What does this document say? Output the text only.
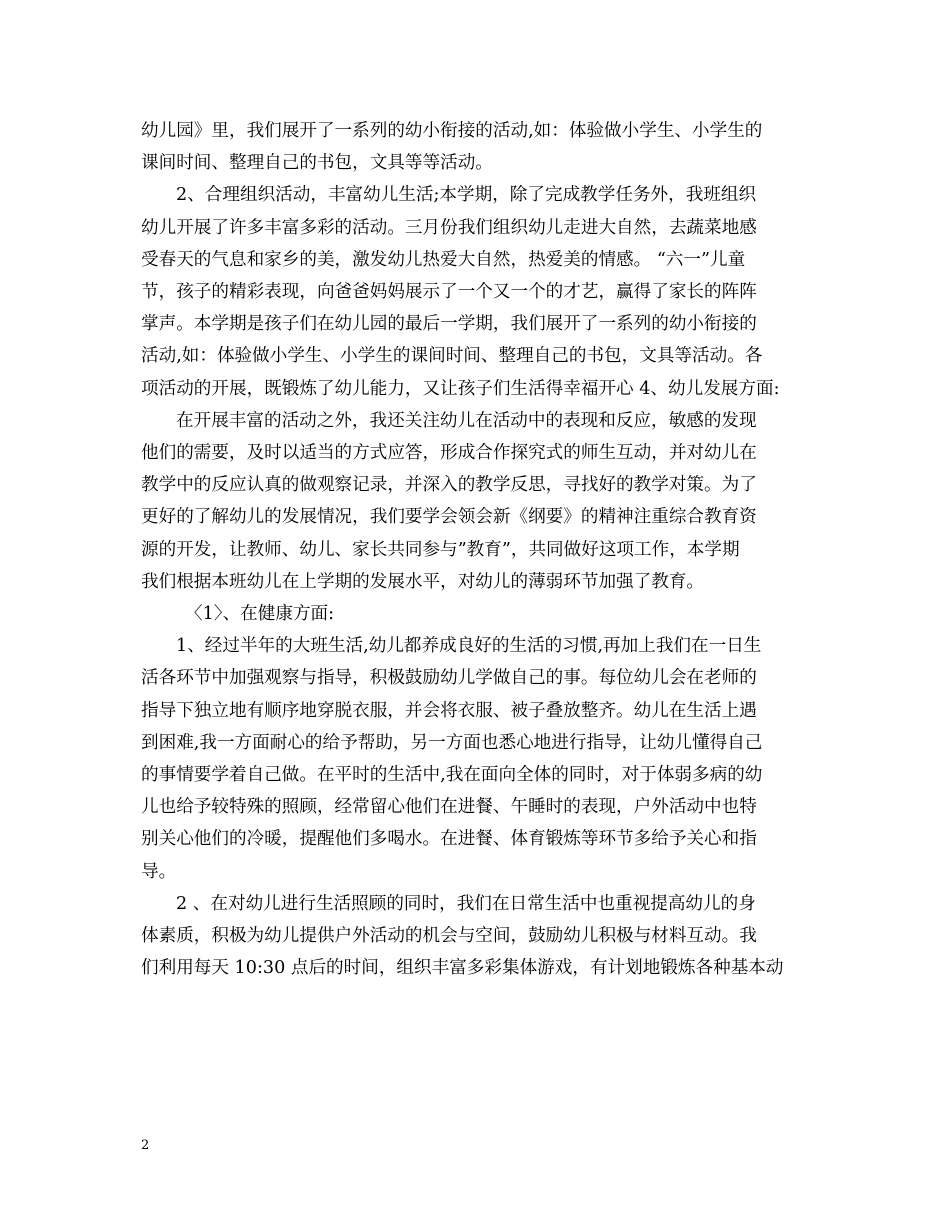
幼儿园》里，我们展开了一系列的幼小衔接的活动,如：体验做小学生、小学生的
课间时间、整理自己的书包，文具等等活动。

2、合理组织活动，丰富幼儿生活;本学期，除了完成教学任务外，我班组织
幼儿开展了许多丰富多彩的活动。三月份我们组织幼儿走进大自然，去蔬菜地感
受春天的气息和家乡的美，激发幼儿热爱大自然，热爱美的情感。 “六一”儿童
节，孩子的精彩表现，向爸爸妈妈展示了一个又一个的才艺，赢得了家长的阵阵
掌声。本学期是孩子们在幼儿园的最后一学期，我们展开了一系列的幼小衔接的
活动,如：体验做小学生、小学生的课间时间、整理自己的书包，文具等活动。各
项活动的开展，既锻炼了幼儿能力，又让孩子们生活得幸福开心 4、幼儿发展方面:

在开展丰富的活动之外，我还关注幼儿在活动中的表现和反应，敏感的发现
他们的需要，及时以适当的方式应答，形成合作探究式的师生互动，并对幼儿在
教学中的反应认真的做观察记录，并深入的教学反思，寻找好的教学对策。为了
更好的了解幼儿的发展情况，我们要学会领会新《纲要》的精神注重综合教育资
源的开发，让教师、幼儿、家长共同参与”教育”，共同做好这项工作，本学期
我们根据本班幼儿在上学期的发展水平，对幼儿的薄弱环节加强了教育。

〈1〉、在健康方面:

1、经过半年的大班生活,幼儿都养成良好的生活的习惯,再加上我们在一日生
活各环节中加强观察与指导，积极鼓励幼儿学做自己的事。每位幼儿会在老师的
指导下独立地有顺序地穿脱衣服，并会将衣服、被子叠放整齐。幼儿在生活上遇
到困难,我一方面耐心的给予帮助，另一方面也悉心地进行指导，让幼儿懂得自己
的事情要学着自己做。在平时的生活中,我在面向全体的同时，对于体弱多病的幼
儿也给予较特殊的照顾，经常留心他们在进餐、午睡时的表现，户外活动中也特
别关心他们的冷暖，提醒他们多喝水。在进餐、体育锻炼等环节多给予关心和指
导。

2 、在对幼儿进行生活照顾的同时，我们在日常生活中也重视提高幼儿的身
体素质，积极为幼儿提供户外活动的机会与空间，鼓励幼儿积极与材料互动。我
们利用每天 10:30 点后的时间，组织丰富多彩集体游戏，有计划地锻炼各种基本动

2
